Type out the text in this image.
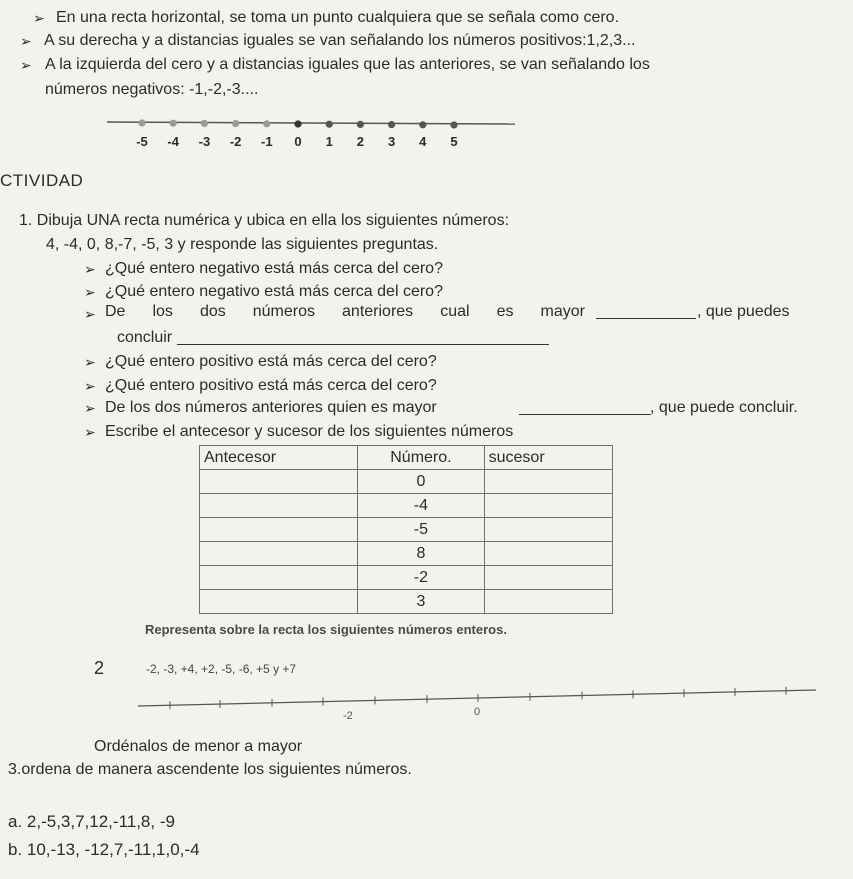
➢ En una recta horizontal, se toma un punto cualquiera que se señala como cero.
➢ A su derecha y a distancias iguales se van señalando los números positivos:1,2,3...
➢ A la izquierda del cero y a distancias iguales que las anteriores, se van señalando los
números negativos: -1,-2,-3....
-5	-4	-3	-2	-1	0	1	2	3	4	5
CTIVIDAD
1. Dibuja UNA recta numérica y ubica en ella los siguientes números:
4, -4, 0, 8,-7, -5, 3 y responde las siguientes preguntas.
➢ ¿Qué entero negativo está más cerca del cero?
➢ ¿Qué entero negativo está más cerca del cero?
➢ De los dos números anteriores cual es mayor	, que puedes
concluir
➢ ¿Qué entero positivo está más cerca del cero?
➢ ¿Qué entero positivo está más cerca del cero?
➢ De los dos números anteriores quien es mayor	, que puede concluir.
➢ Escribe el antecesor y sucesor de los siguientes números
Antecesor	Número.	sucesor
	0	
	-4	
	-5	
	8	
	-2	
	3	
Representa sobre la recta los siguientes números enteros.
2	-2, -3, +4, +2, -5, -6, +5 y +7
-2	0
Ordénalos de menor a mayor
3.ordena de manera ascendente los siguientes números.
a. 2,-5,3,7,12,-11,8, -9
b. 10,-13, -12,7,-11,1,0,-4
